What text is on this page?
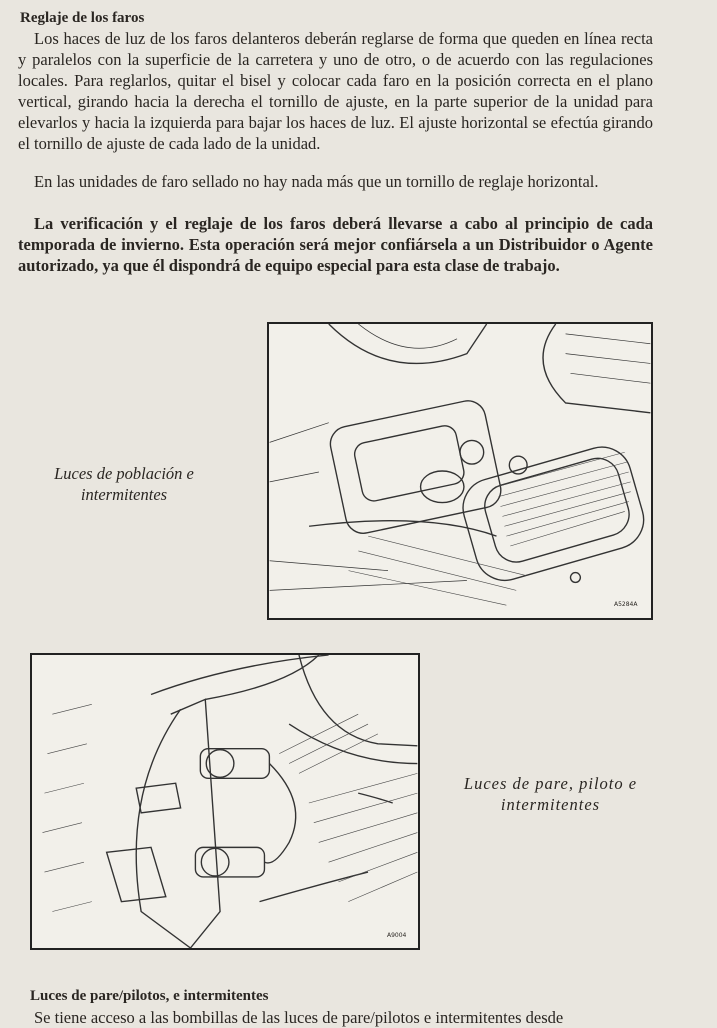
Reglaje de los faros
Los haces de luz de los faros delanteros deberán reglarse de forma que queden en línea recta y paralelos con la superficie de la carretera y uno de otro, o de acuerdo con las regulaciones locales. Para reglarlos, quitar el bisel y colocar cada faro en la posición correcta en el plano vertical, girando hacia la derecha el tornillo de ajuste, en la parte superior de la unidad para elevarlos y hacia la izquierda para bajar los haces de luz. El ajuste horizontal se efectúa girando el tornillo de ajuste de cada lado de la unidad.
En las unidades de faro sellado no hay nada más que un tornillo de reglaje horizontal.
La verificación y el reglaje de los faros deberá llevarse a cabo al principio de cada temporada de invierno. Esta operación será mejor confiársela a un Distribuidor o Agente autorizado, ya que él dispondrá de equipo especial para esta clase de trabajo.
Luces de población e intermitentes
A5284A
A9004
Luces de pare, piloto e intermitentes
Luces de pare/pilotos, e intermitentes
Se tiene acceso a las bombillas de las luces de pare/pilotos e intermitentes desde
